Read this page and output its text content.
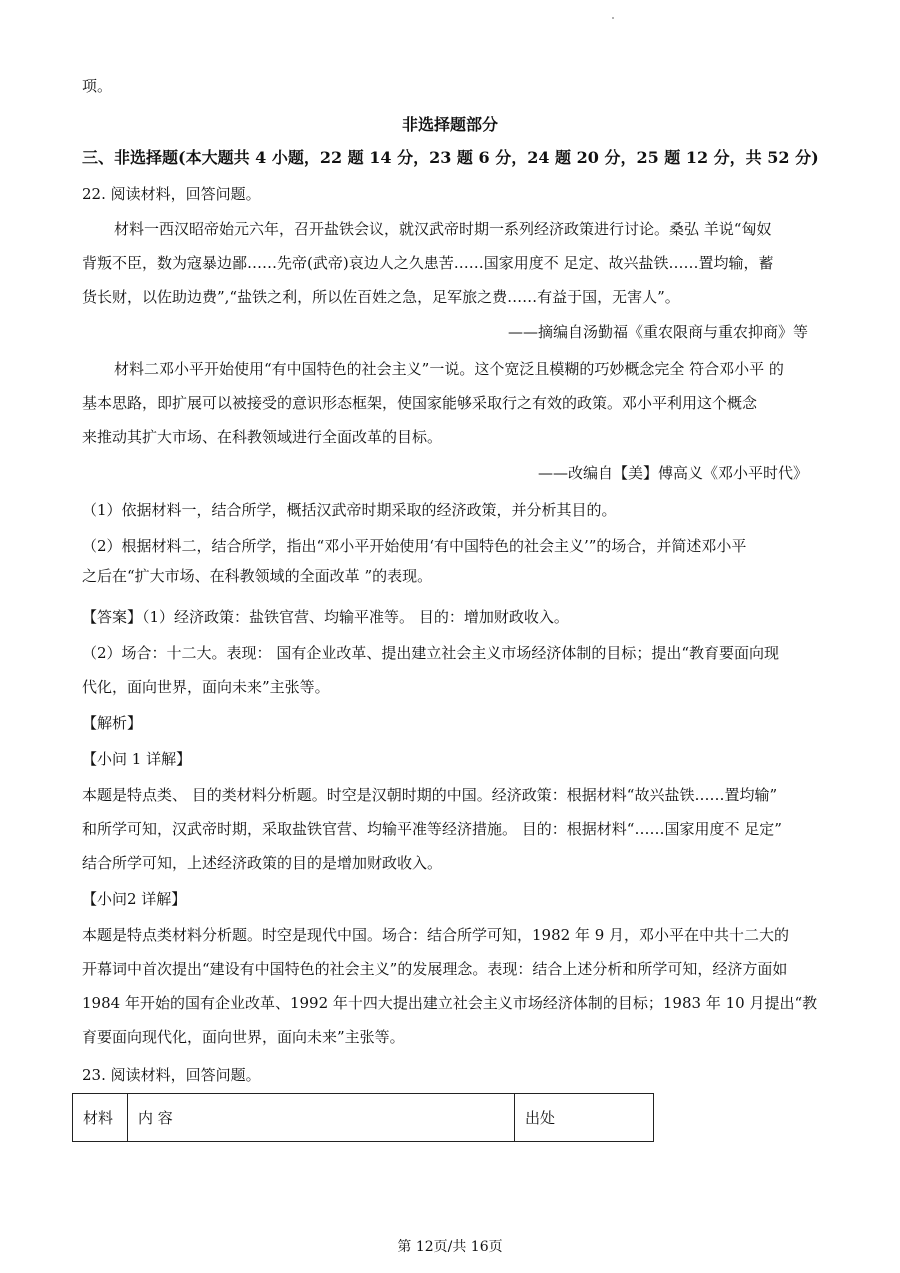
项。
非选择题部分
三、非选择题(本大题共 4 小题，22 题 14 分，23 题 6 分，24 题 20 分，25 题 12 分，共 52 分)
22. 阅读材料，回答问题。
材料一西汉昭帝始元六年，召开盐铁会议，就汉武帝时期一系列经济政策进行讨论。桑弘 羊说“匈奴
背叛不臣，数为寇暴边鄙……先帝(武帝)哀边人之久患苦……国家用度不 足定、故兴盐铁……置均输，蓄
货长财，以佐助边费”,“盐铁之利，所以佐百姓之急，足军旅之费……有益于国，无害人”。
——摘编自汤勤福《重农限商与重农抑商》等
材料二邓小平开始使用“有中国特色的社会主义”一说。这个宽泛且模糊的巧妙概念完全 符合邓小平 的
基本思路，即扩展可以被接受的意识形态框架，使国家能够采取行之有效的政策。邓小平利用这个概念
来推动其扩大市场、在科教领域进行全面改革的目标。
——改编自【美】傅高义《邓小平时代》
（1）依据材料一，结合所学，概括汉武帝时期采取的经济政策，并分析其目的。
（2）根据材料二，结合所学，指出“邓小平开始使用‘有中国特色的社会主义’”的场合，并简述邓小平
之后在“扩大市场、在科教领域的全面改革 ”的表现。
【答案】（1）经济政策：盐铁官营、均输平准等。 目的：增加财政收入。
（2）场合：十二大。表现： 国有企业改革、提出建立社会主义市场经济体制的目标；提出“教育要面向现
代化，面向世界，面向未来”主张等。
【解析】
【小问 1 详解】
本题是特点类、 目的类材料分析题。时空是汉朝时期的中国。经济政策：根据材料“故兴盐铁……置均输”
和所学可知，汉武帝时期，采取盐铁官营、均输平准等经济措施。 目的：根据材料“……国家用度不 足定”
结合所学可知，上述经济政策的目的是增加财政收入。
【小问2 详解】
本题是特点类材料分析题。时空是现代中国。场合：结合所学可知，1982 年 9 月，邓小平在中共十二大的
开幕词中首次提出“建设有中国特色的社会主义”的发展理念。表现：结合上述分析和所学可知，经济方面如
1984 年开始的国有企业改革、1992 年十四大提出建立社会主义市场经济体制的目标；1983 年 10 月提出“教
育要面向现代化，面向世界，面向未来”主张等。
23. 阅读材料，回答问题。
材料	内 容	出处
第 12页/共 16页
